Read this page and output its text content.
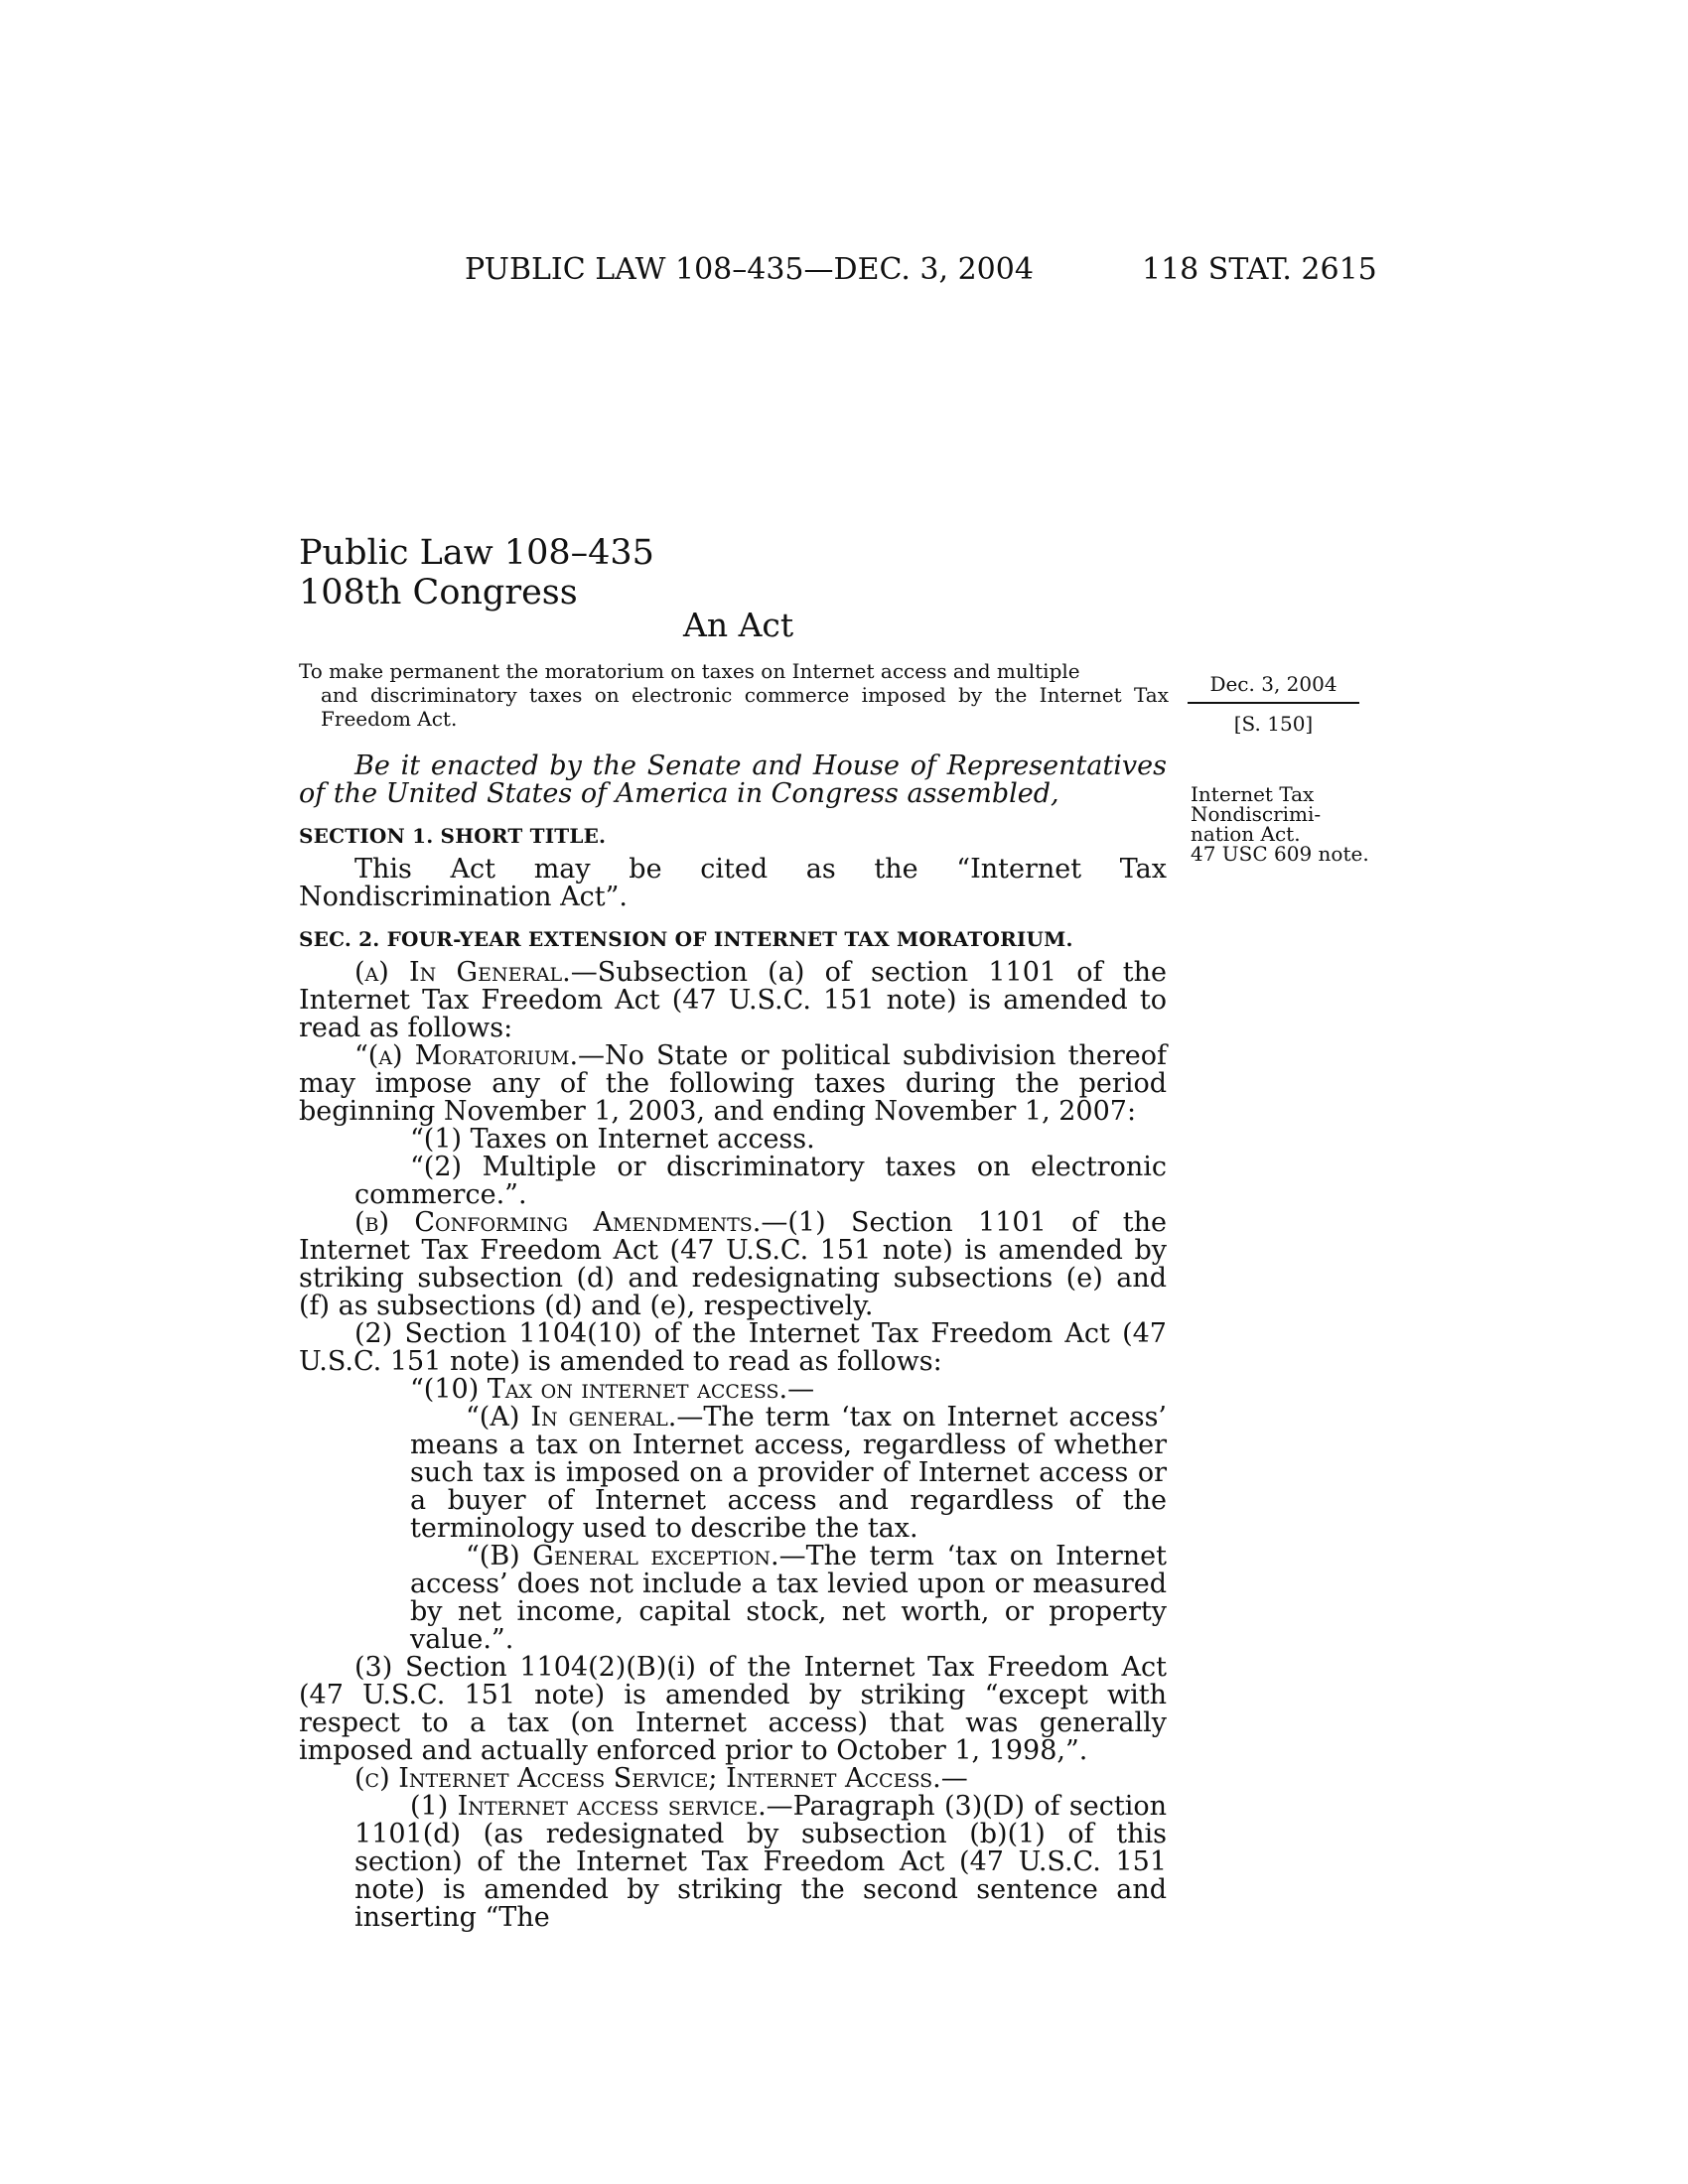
PUBLIC LAW 108–435—DEC. 3, 2004	118 STAT. 2615
Public Law 108–435
108th Congress
An Act
To make permanent the moratorium on taxes on Internet access and multiple
and discriminatory taxes on electronic commerce imposed by the Internet Tax Freedom Act.
Dec. 3, 2004
[S. 150]
Internet Tax
Nondiscrimi-
nation Act.
47 USC 609 note.

Be it enacted by the Senate and House of Representatives of the United States of America in Congress assembled,

SECTION 1. SHORT TITLE.

This Act may be cited as the “Internet Tax Nondiscrimination Act”.

SEC. 2. FOUR-YEAR EXTENSION OF INTERNET TAX MORATORIUM.

(a) In General.—Subsection (a) of section 1101 of the Internet Tax Freedom Act (47 U.S.C. 151 note) is amended to read as follows:

“(a) Moratorium.—No State or political subdivision thereof may impose any of the following taxes during the period beginning November 1, 2003, and ending November 1, 2007:

“(1) Taxes on Internet access.

“(2) Multiple or discriminatory taxes on electronic commerce.”.

(b) Conforming Amendments.—(1) Section 1101 of the Internet Tax Freedom Act (47 U.S.C. 151 note) is amended by striking subsection (d) and redesignating subsections (e) and (f) as subsections (d) and (e), respectively.

(2) Section 1104(10) of the Internet Tax Freedom Act (47 U.S.C. 151 note) is amended to read as follows:

“(10) Tax on internet access.—

“(A) In general.—The term ‘tax on Internet access’ means a tax on Internet access, regardless of whether such tax is imposed on a provider of Internet access or a buyer of Internet access and regardless of the terminology used to describe the tax.

“(B) General exception.—The term ‘tax on Internet access’ does not include a tax levied upon or measured by net income, capital stock, net worth, or property value.”.

(3) Section 1104(2)(B)(i) of the Internet Tax Freedom Act (47 U.S.C. 151 note) is amended by striking “except with respect to a tax (on Internet access) that was generally imposed and actually enforced prior to October 1, 1998,”.

(c) Internet Access Service; Internet Access.—

(1) Internet access service.—Paragraph (3)(D) of section 1101(d) (as redesignated by subsection (b)(1) of this section) of the Internet Tax Freedom Act (47 U.S.C. 151 note) is amended by striking the second sentence and inserting “The
